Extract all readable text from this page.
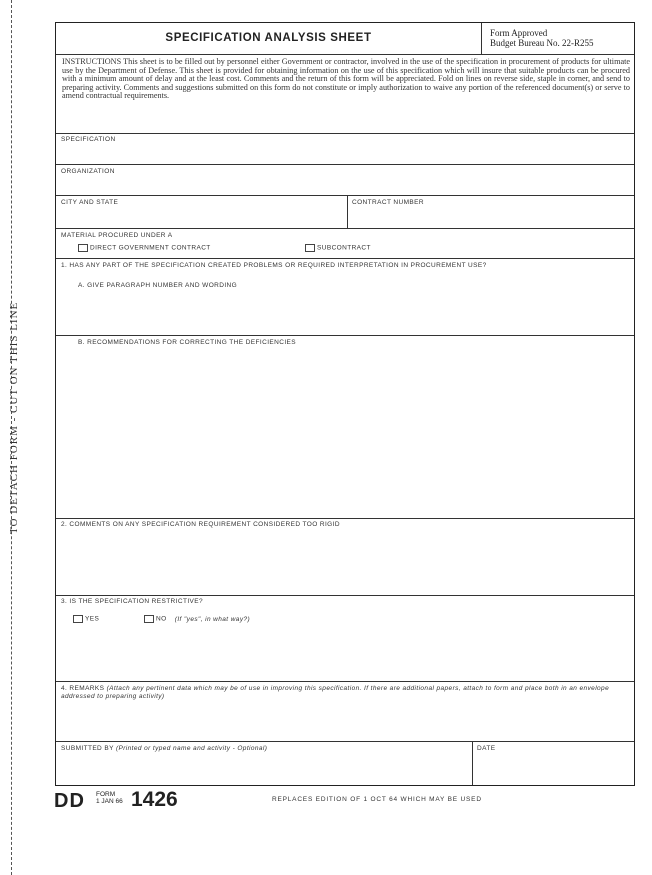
TO DETACH FORM - CUT ON THIS LINE
SPECIFICATION ANALYSIS SHEET	Form Approved
Budget Bureau No. 22-R255
INSTRUCTIONS This sheet is to be filled out by personnel either Government or contractor, involved in the use of the specification in procurement of products for ultimate use by the Department of Defense. This sheet is provided for obtaining information on the use of this specification which will insure that suitable products can be procured with a minimum amount of delay and at the least cost. Comments and the return of this form will be appreciated. Fold on lines on reverse side, staple in corner, and send to preparing activity. Comments and suggestions submitted on this form do not constitute or imply authorization to waive any portion of the referenced document(s) or serve to amend contractual requirements.
SPECIFICATION
ORGANIZATION
CITY AND STATE	CONTRACT NUMBER
MATERIAL PROCURED UNDER A
DIRECT GOVERNMENT CONTRACT	SUBCONTRACT
1. HAS ANY PART OF THE SPECIFICATION CREATED PROBLEMS OR REQUIRED INTERPRETATION IN PROCUREMENT USE?
A. GIVE PARAGRAPH NUMBER AND WORDING
B. RECOMMENDATIONS FOR CORRECTING THE DEFICIENCIES
2. COMMENTS ON ANY SPECIFICATION REQUIREMENT CONSIDERED TOO RIGID
3. IS THE SPECIFICATION RESTRICTIVE?
YES	NO (If "yes", in what way?)
4. REMARKS (Attach any pertinent data which may be of use in improving this specification. If there are additional papers, attach to form and place both in an envelope addressed to preparing activity)
SUBMITTED BY (Printed or typed name and activity - Optional)	DATE
DD FORM
1 JAN 66 1426	REPLACES EDITION OF 1 OCT 64 WHICH MAY BE USED
